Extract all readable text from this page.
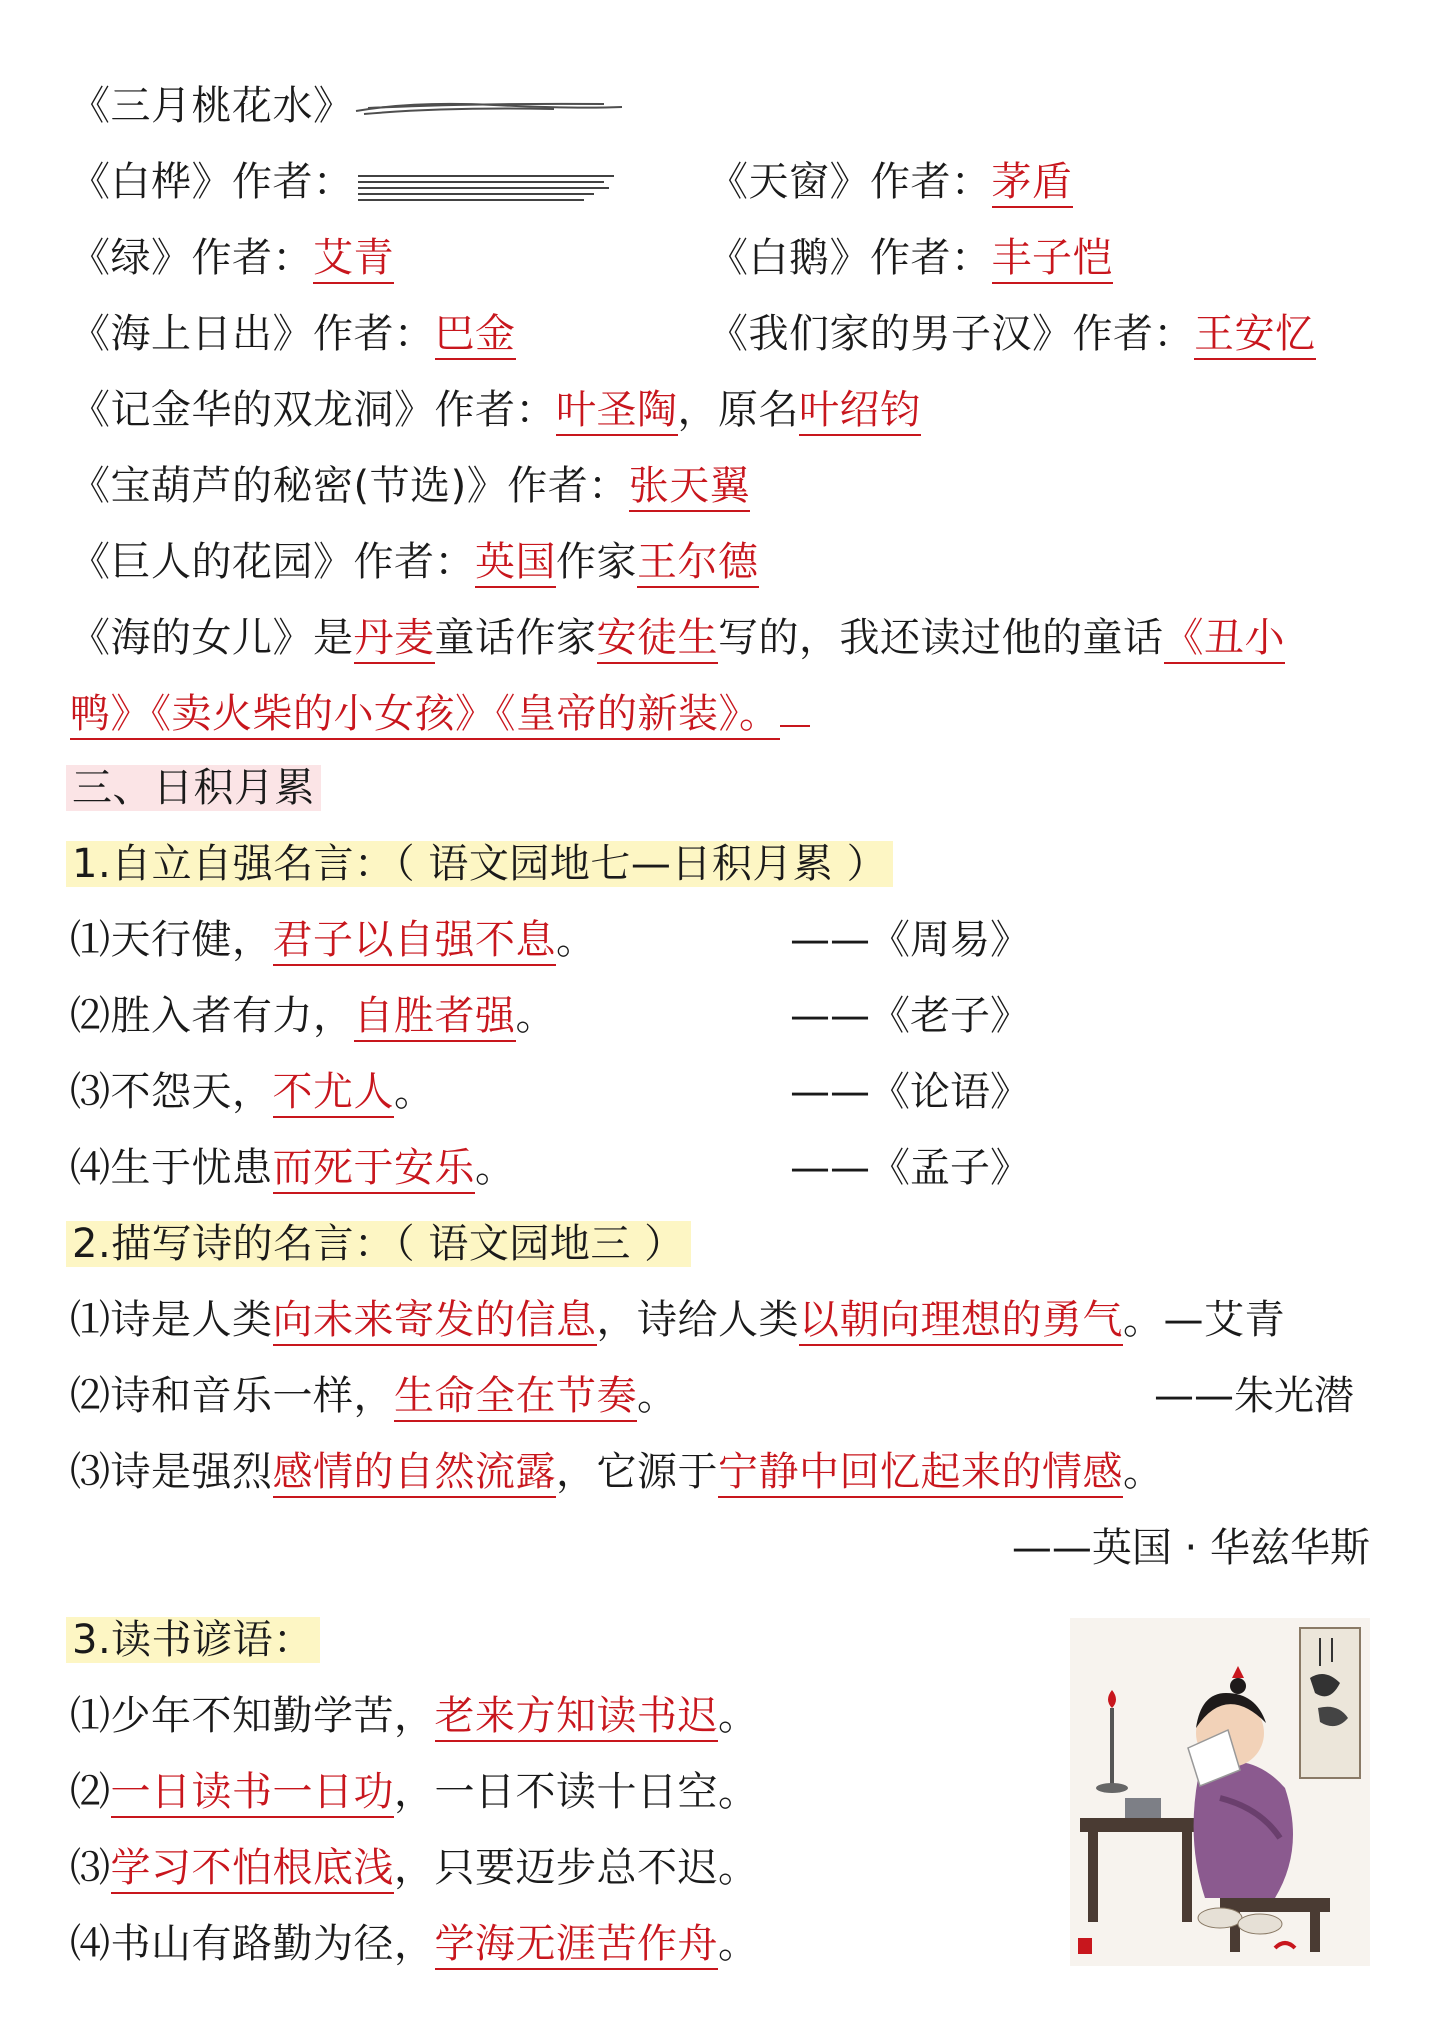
《三月桃花水》
《白桦》作者：	《天窗》作者：茅盾
《绿》作者：艾青	《白鹅》作者：丰子恺
《海上日出》作者：巴金	《我们家的男子汉》作者：王安忆
《记金华的双龙洞》作者：叶圣陶，原名叶绍钧
《宝葫芦的秘密(节选)》作者：张天翼
《巨人的花园》作者：英国作家王尔德
《海的女儿》是丹麦童话作家安徒生写的，我还读过他的童话《丑小
鸭》《卖火柴的小女孩》《皇帝的新装》。
三、日积月累
1.自立自强名言：（ 语文园地七—日积月累 ）
⑴天行健，君子以自强不息。	——《周易》
⑵胜入者有力，自胜者强。	——《老子》
⑶不怨天，不尤人。	——《论语》
⑷生于忧患而死于安乐。	——《孟子》
2.描写诗的名言：（ 语文园地三 ）
⑴诗是人类向未来寄发的信息，诗给人类以朝向理想的勇气。—艾青
⑵诗和音乐一样，生命全在节奏。	——朱光潜
⑶诗是强烈感情的自然流露，它源于宁静中回忆起来的情感。
——英国 · 华兹华斯
3.读书谚语：
⑴少年不知勤学苦，老来方知读书迟。
⑵一日读书一日功，一日不读十日空。
⑶学习不怕根底浅，只要迈步总不迟。
⑷书山有路勤为径，学海无涯苦作舟。
